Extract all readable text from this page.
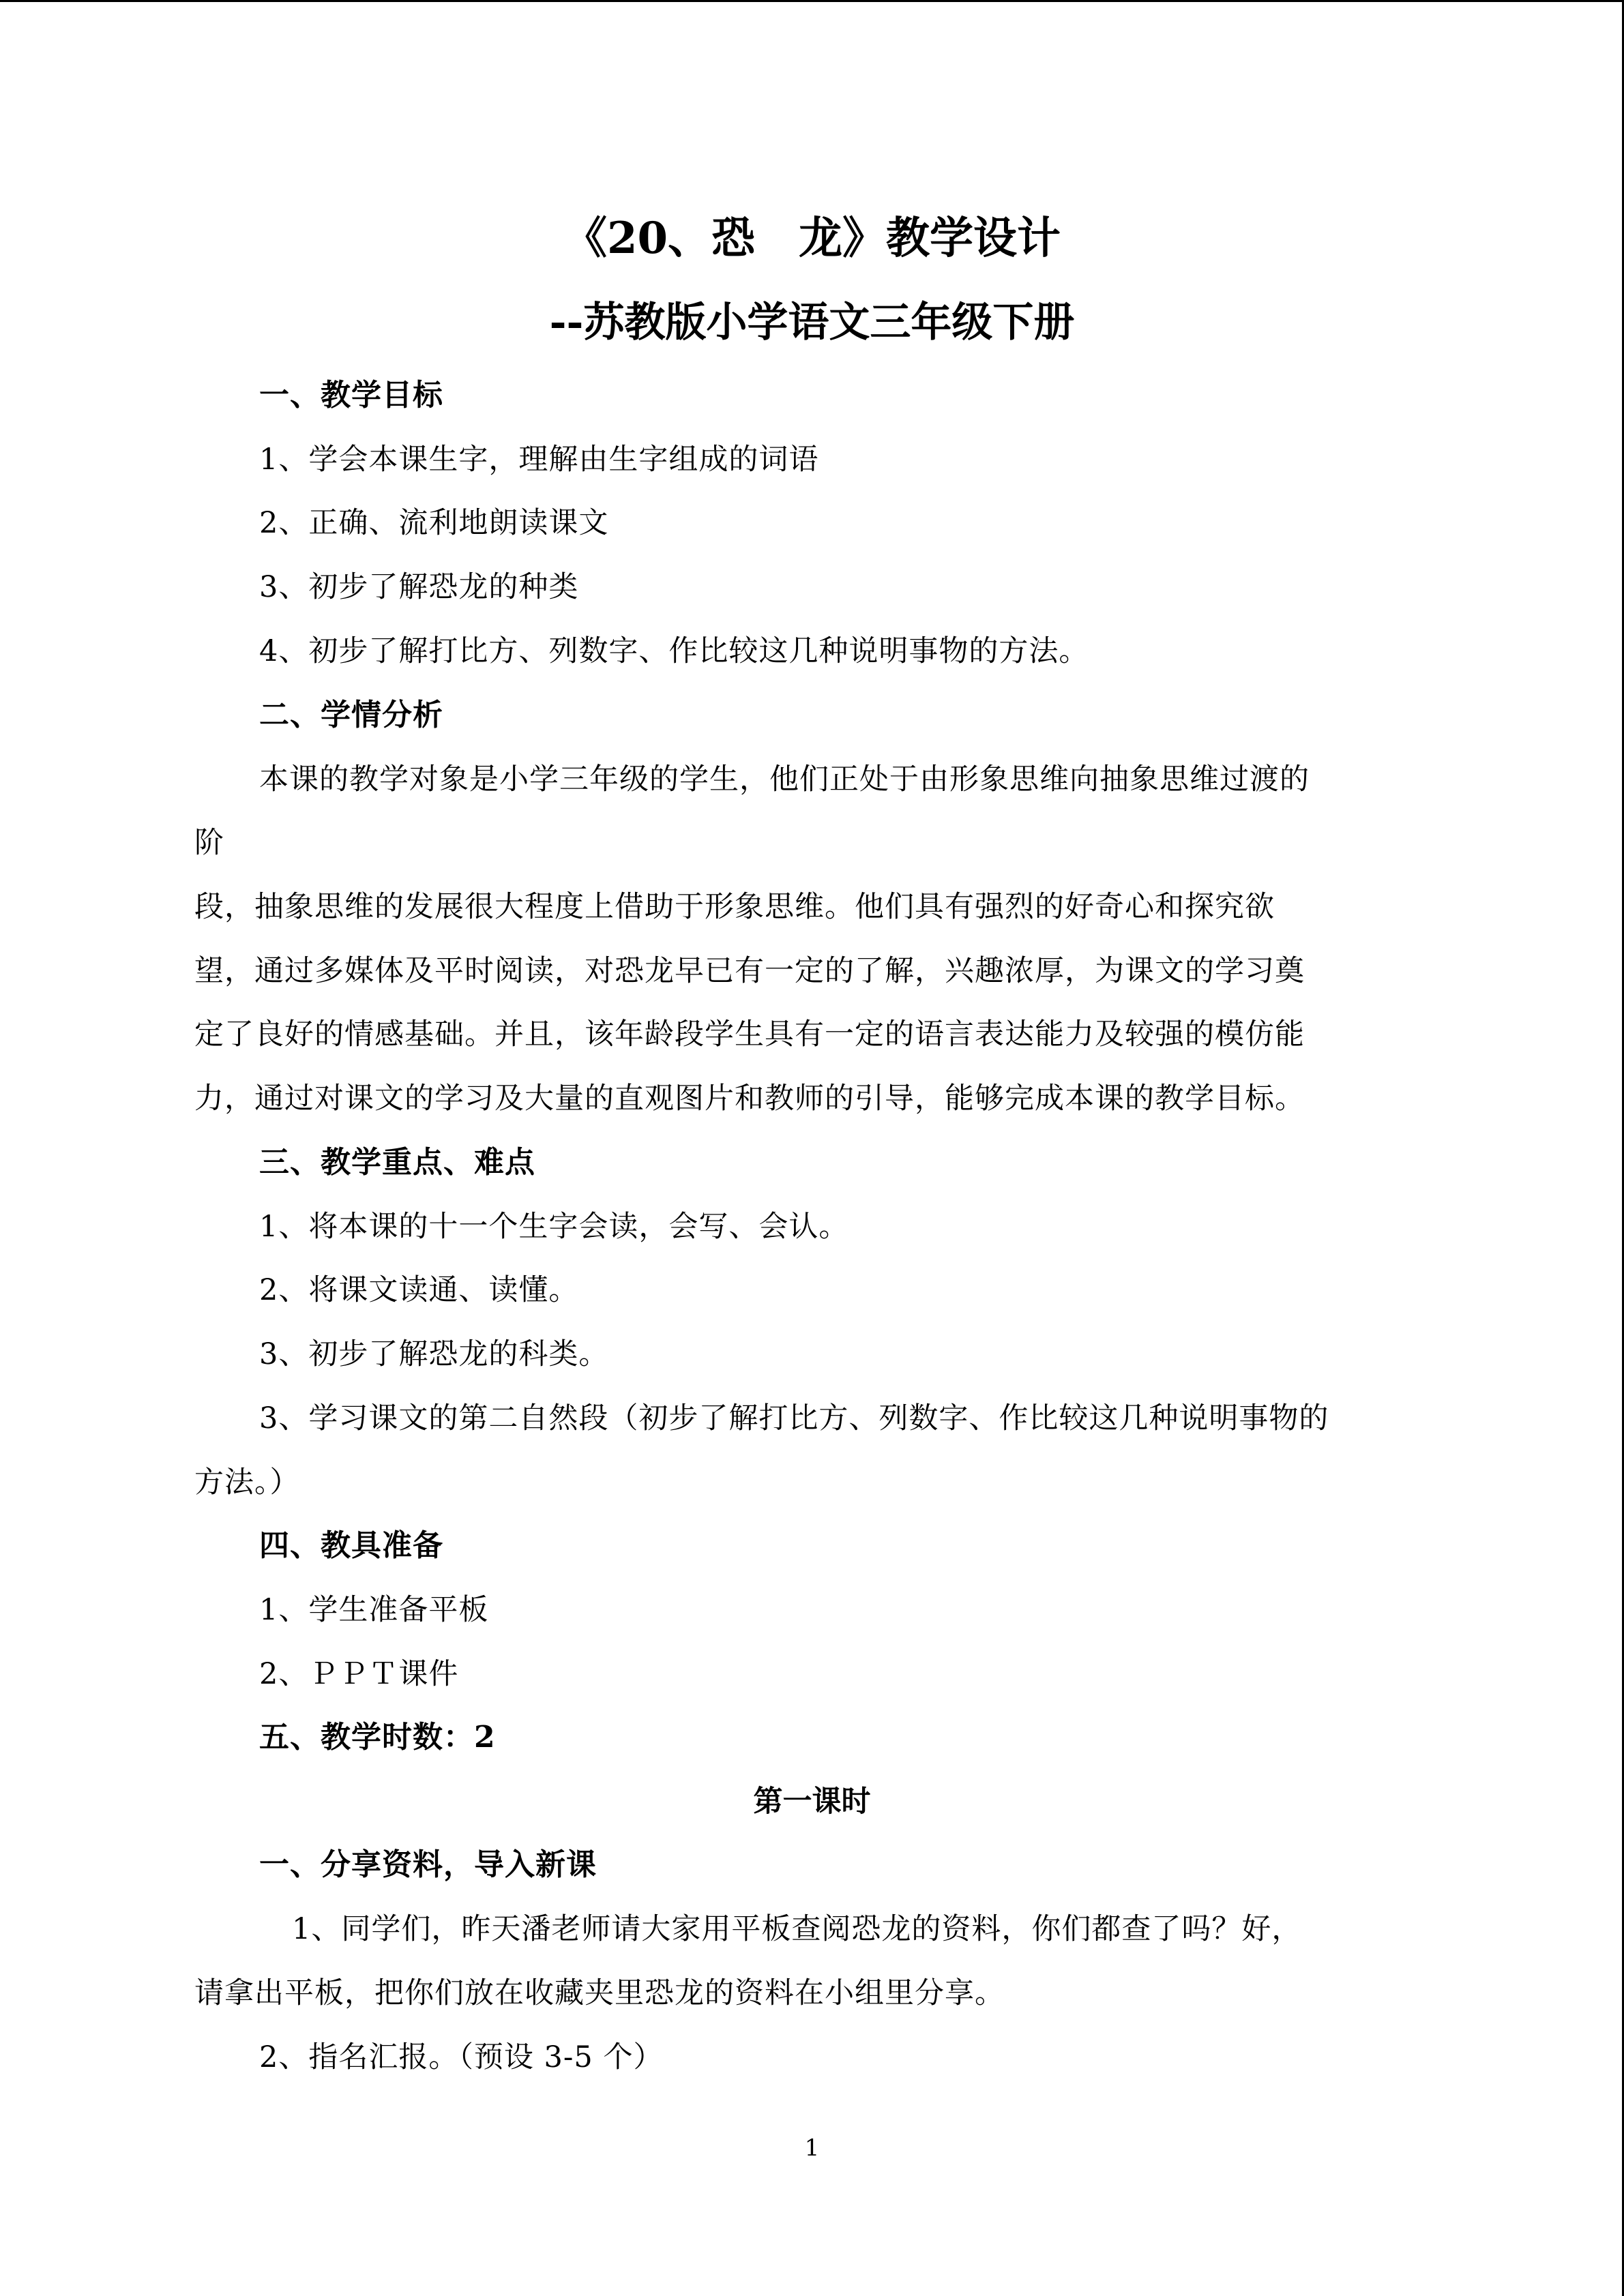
《20、恐　龙》教学设计
--苏教版小学语文三年级下册
一、教学目标
1、学会本课生字，理解由生字组成的词语
2、正确、流利地朗读课文
3、初步了解恐龙的种类
4、初步了解打比方、列数字、作比较这几种说明事物的方法。
二、学情分析
本课的教学对象是小学三年级的学生，他们正处于由形象思维向抽象思维过渡的
阶
段，抽象思维的发展很大程度上借助于形象思维。他们具有强烈的好奇心和探究欲
望，通过多媒体及平时阅读，对恐龙早已有一定的了解，兴趣浓厚，为课文的学习奠
定了良好的情感基础。并且，该年龄段学生具有一定的语言表达能力及较强的模仿能
力，通过对课文的学习及大量的直观图片和教师的引导，能够完成本课的教学目标。
三、教学重点、难点
1、将本课的十一个生字会读，会写、会认。
2、将课文读通、读懂。
3、初步了解恐龙的科类。
3、学习课文的第二自然段（初步了解打比方、列数字、作比较这几种说明事物的
方法。）
四、教具准备
1、学生准备平板
2、ＰＰＴ课件
五、教学时数：2
第一课时
一、分享资料，导入新课
1、同学们，昨天潘老师请大家用平板查阅恐龙的资料，你们都查了吗？好，
请拿出平板，把你们放在收藏夹里恐龙的资料在小组里分享。
2、指名汇报。（预设 3-5 个）
1
